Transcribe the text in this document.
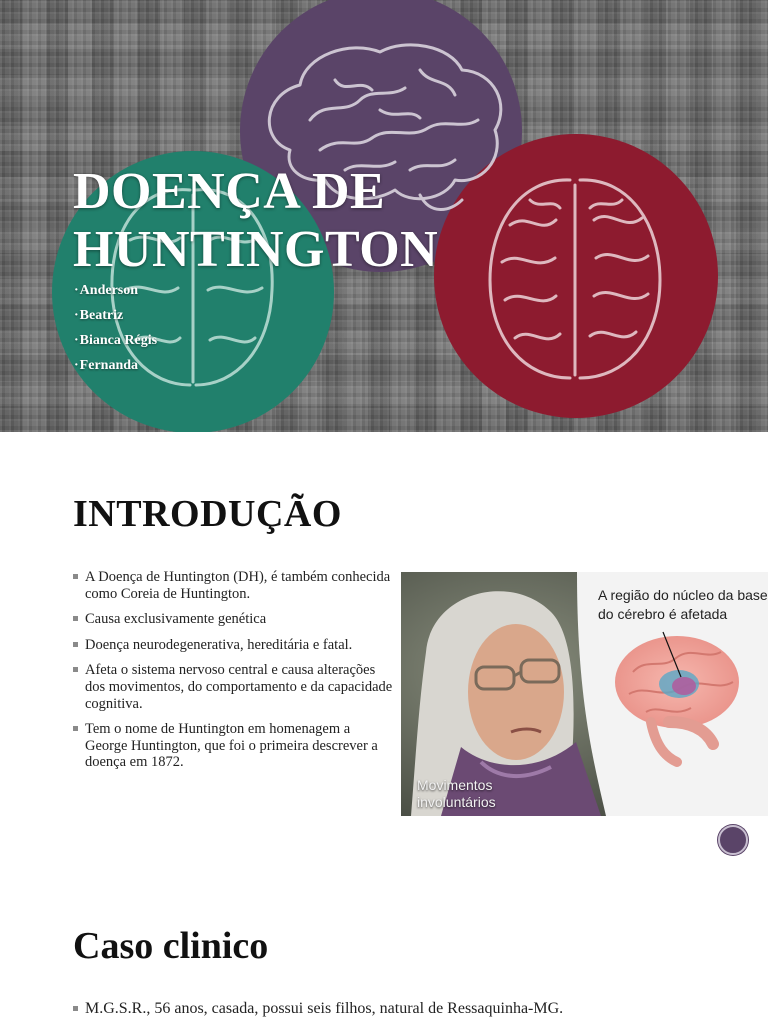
DOENÇA DE
HUNTINGTON
· Anderson
· Beatriz
· Bianca Régis
· Fernanda
INTRODUÇÃO
A Doença de Huntington (DH), é também conhecida como Coreia de Huntington.
Causa exclusivamente genética
Doença neurodegenerativa, hereditária e fatal.
Afeta o sistema nervoso central e causa alterações dos movimentos, do comportamento e da capacidade cognitiva.
Tem o nome de Huntington em homenagem a George Huntington, que foi o primeira descrever a doença em 1872.
A região do núcleo da base do cérebro é afetada
Movimentos
involuntários
Caso clinico
M.G.S.R., 56 anos, casada, possui seis filhos, natural de Ressaquinha-MG.
